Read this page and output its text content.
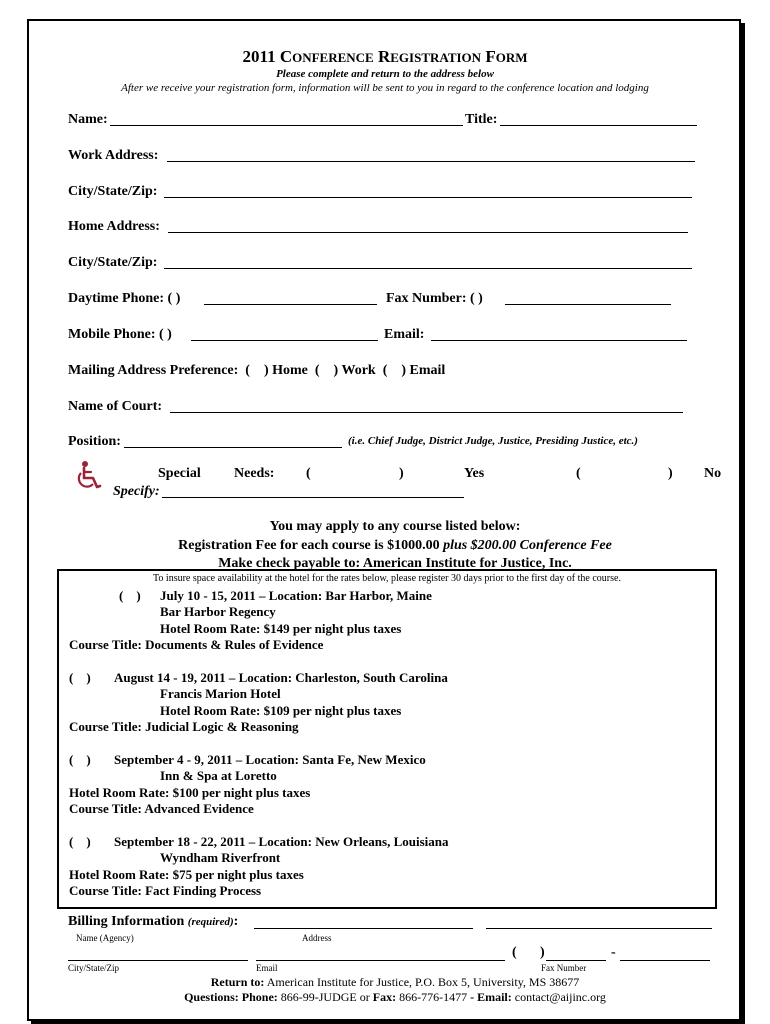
2011 CONFERENCE REGISTRATION FORM
Please complete and return to the address below
After we receive your registration form, information will be sent to you in regard to the conference location and lodging
Name:	Title:
Work Address:
City/State/Zip:
Home Address:
City/State/Zip:
Daytime Phone: ( )	Fax Number: ( )
Mobile Phone: ( )	Email:
Mailing Address Preference:  (    ) Home  (    ) Work  (    ) Email
Name of Court:
Position:	(i.e. Chief Judge, District Judge, Justice, Presiding Justice, etc.)
Special Needs: (	)	Yes	(	) No
Specify:
You may apply to any course listed below:
Registration Fee for each course is $1000.00 plus $200.00 Conference Fee
Make check payable to: American Institute for Justice, Inc.
To insure space availability at the hotel for the rates below, please register 30 days prior to the first day of the course.
(    ) July 10 - 15, 2011 – Location: Bar Harbor, Maine
Bar Harbor Regency
Hotel Room Rate: $149 per night plus taxes
Course Title: Documents & Rules of Evidence
(    ) August 14 - 19, 2011 – Location: Charleston, South Carolina
Francis Marion Hotel
Hotel Room Rate: $109 per night plus taxes
Course Title: Judicial Logic & Reasoning
(    ) September 4 - 9, 2011 – Location: Santa Fe, New Mexico
Inn & Spa at Loretto
Hotel Room Rate: $100 per night plus taxes
Course Title: Advanced Evidence
(    ) September 18 - 22, 2011 – Location: New Orleans, Louisiana
Wyndham Riverfront
Hotel Room Rate: $75 per night plus taxes
Course Title: Fact Finding Process
Billing Information (required):
Name (Agency)	Address
( )	-
City/State/Zip	Email	Fax Number
Return to: American Institute for Justice, P.O. Box 5, University, MS 38677
Questions: Phone: 866-99-JUDGE or Fax: 866-776-1477 - Email: contact@aijinc.org
